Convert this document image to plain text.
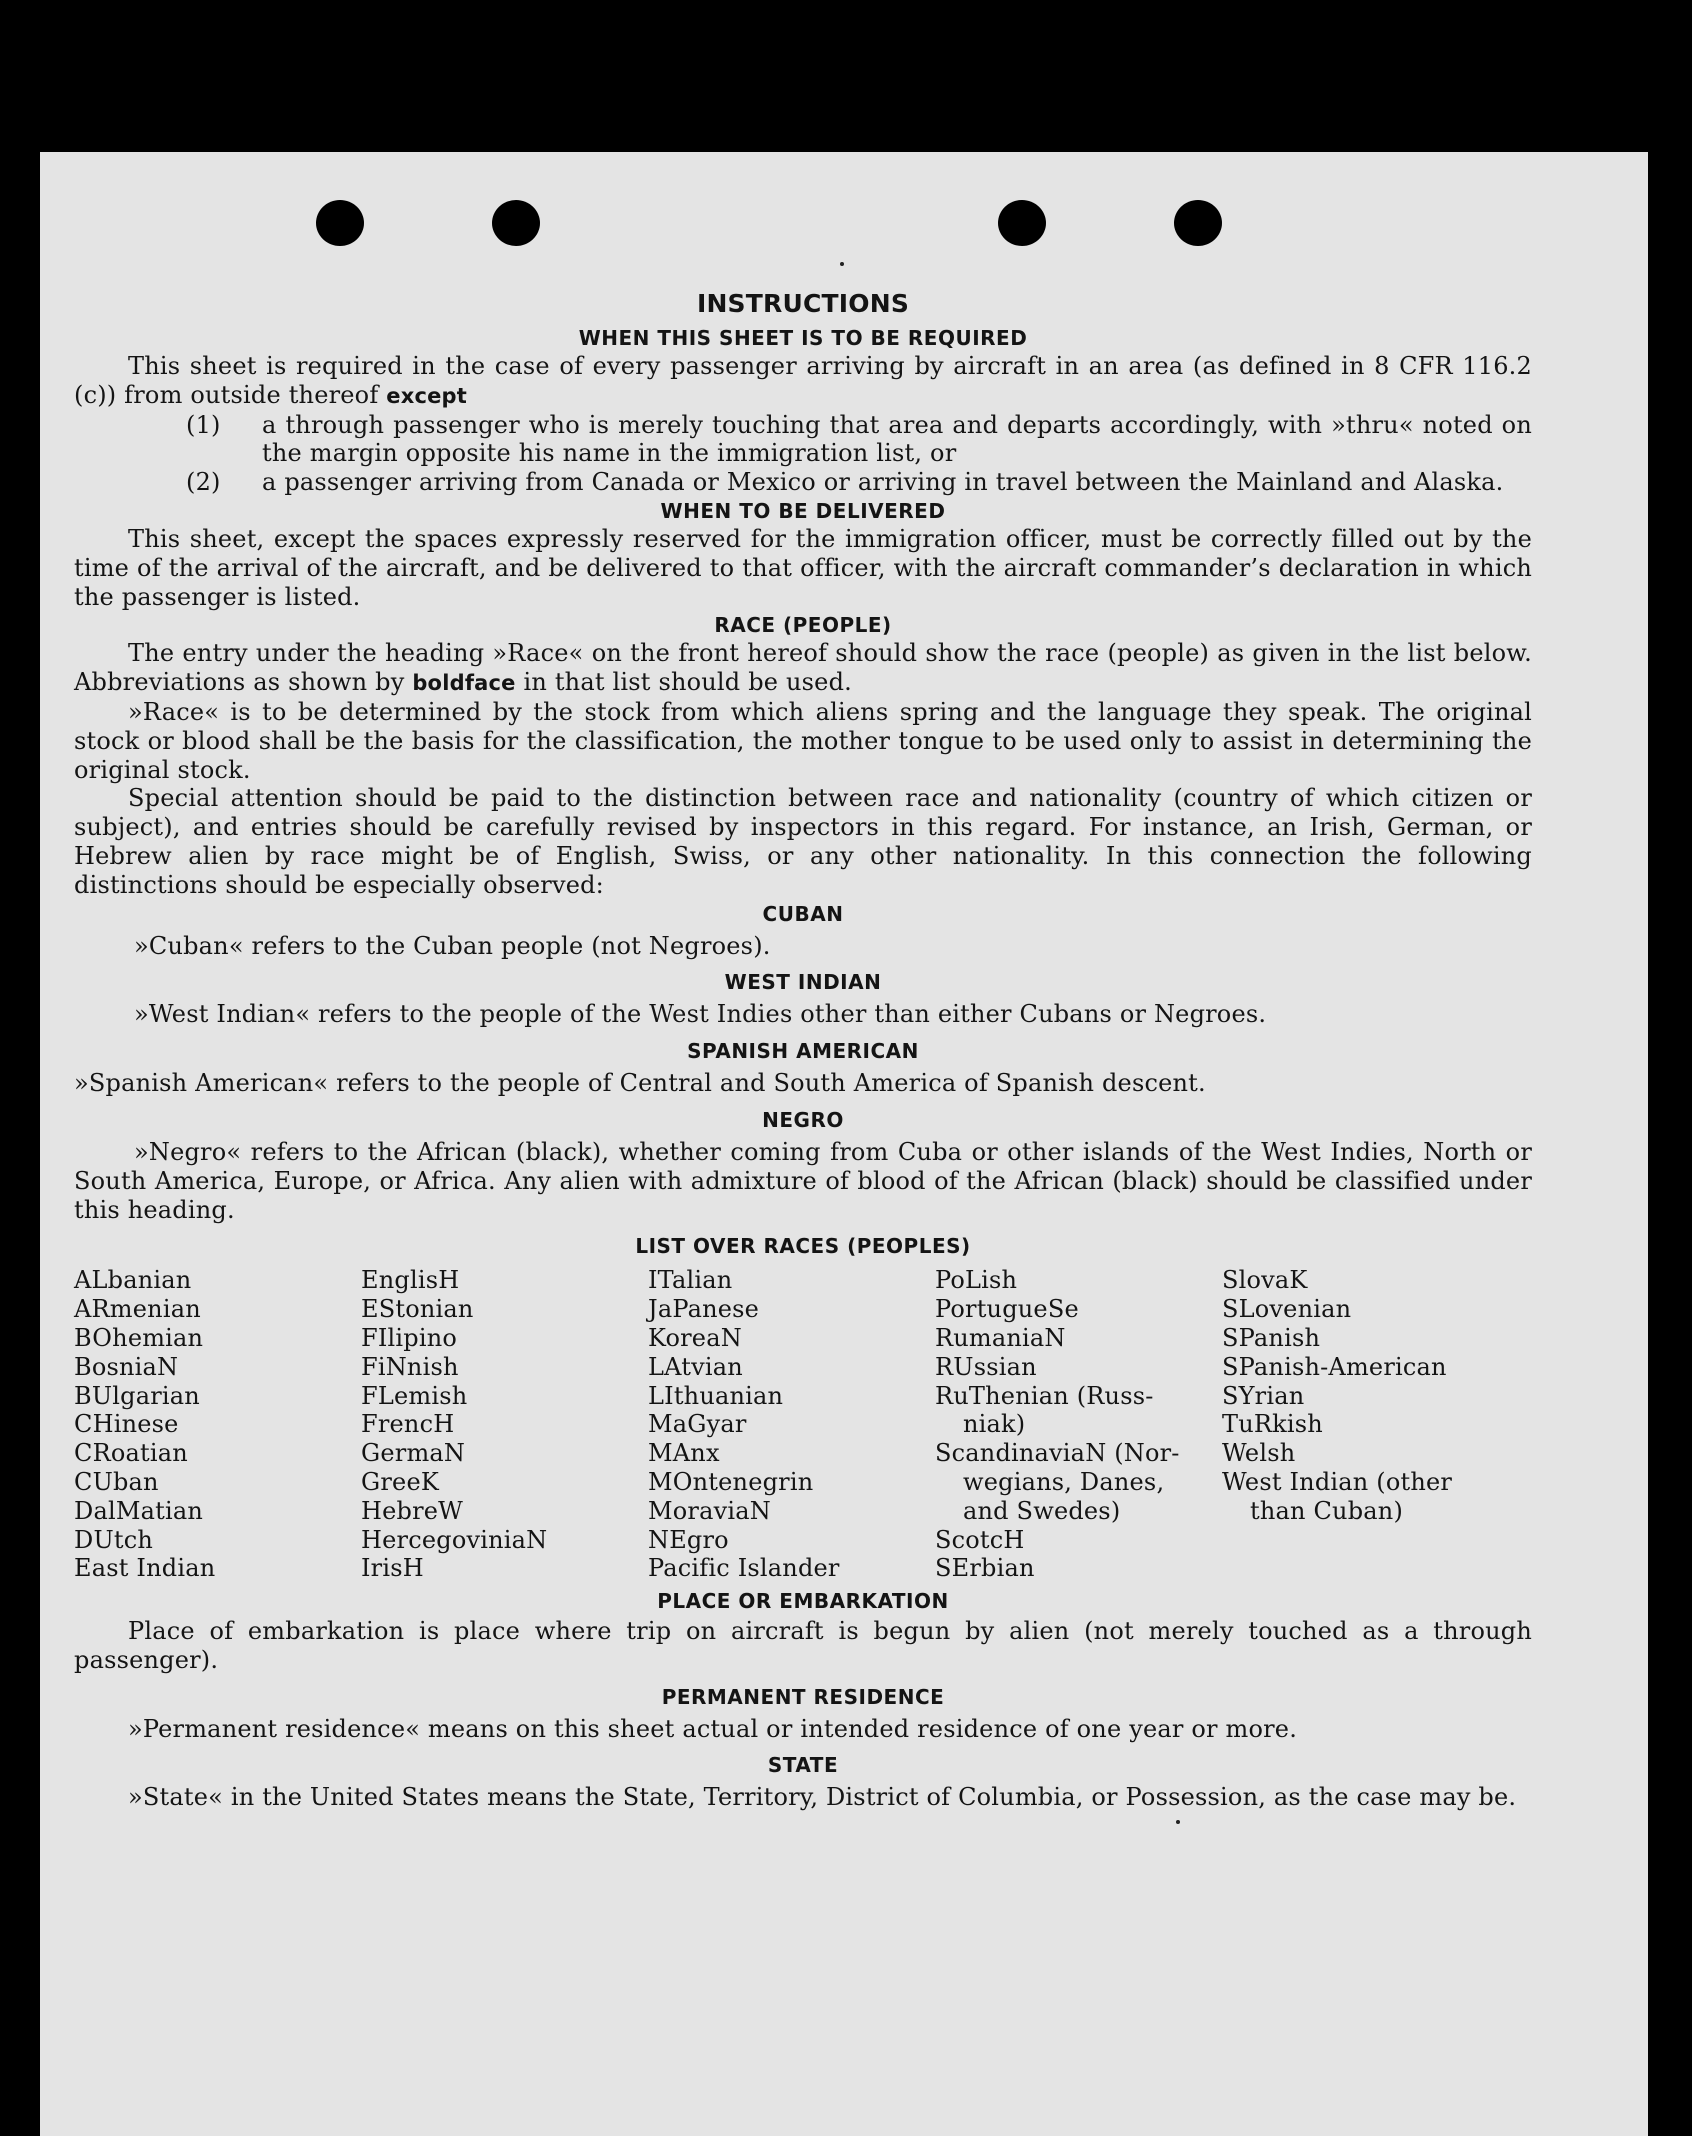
INSTRUCTIONS
WHEN THIS SHEET IS TO BE REQUIRED

This sheet is required in the case of every passenger arriving by aircraft in an area (as defined in 8 CFR 116.2 (c)) from outside thereof except

(1) a through passenger who is merely touching that area and departs accordingly, with »thru« noted on the margin opposite his name in the immigration list, or

(2) a passenger arriving from Canada or Mexico or arriving in travel between the Mainland and Alaska.

WHEN TO BE DELIVERED

This sheet, except the spaces expressly reserved for the immigration officer, must be correctly filled out by the time of the arrival of the aircraft, and be delivered to that officer, with the aircraft commander’s declaration in which the passenger is listed.

RACE (PEOPLE)

The entry under the heading »Race« on the front hereof should show the race (people) as given in the list below. Abbreviations as shown by boldface in that list should be used.

»Race« is to be determined by the stock from which aliens spring and the language they speak. The original stock or blood shall be the basis for the classification, the mother tongue to be used only to assist in determining the original stock.

Special attention should be paid to the distinction between race and nationality (country of which citizen or subject), and entries should be carefully revised by inspectors in this regard. For instance, an Irish, German, or Hebrew alien by race might be of English, Swiss, or any other nationality. In this connection the following distinctions should be especially observed:

CUBAN

»Cuban« refers to the Cuban people (not Negroes).

WEST INDIAN

»West Indian« refers to the people of the West Indies other than either Cubans or Negroes.

SPANISH AMERICAN

»Spanish American« refers to the people of Central and South America of Spanish descent.

NEGRO

»Negro« refers to the African (black), whether coming from Cuba or other islands of the West Indies, North or South America, Europe, or Africa. Any alien with admixture of blood of the African (black) should be classified under this heading.

LIST OVER RACES (PEOPLES)
ALbanian
ARmenian
BOhemian
BosniaN
BUlgarian
CHinese
CRoatian
CUban
DalMatian
DUtch
East Indian
EnglisH
EStonian
FIlipino
FiNnish
FLemish
FrencH
GermaN
GreeK
HebreW
HercegoviniaN
IrisH
ITalian
JaPanese
KoreaN
LAtvian
LIthuanian
MaGyar
MAnx
MOntenegrin
MoraviaN
NEgro
Pacific Islander
PoLish
PortugueSe
RumaniaN
RUssian
RuThenian (Russ-
niak)
ScandinaviaN (Nor-
wegians, Danes,
and Swedes)
ScotcH
SErbian
SlovaK
SLovenian
SPanish
SPanish-American
SYrian
TuRkish
Welsh
West Indian (other
than Cuban)
PLACE OR EMBARKATION

Place of embarkation is place where trip on aircraft is begun by alien (not merely touched as a through passenger).

PERMANENT RESIDENCE

»Permanent residence« means on this sheet actual or intended residence of one year or more.

STATE

»State« in the United States means the State, Territory, District of Columbia, or Possession, as the case may be.
